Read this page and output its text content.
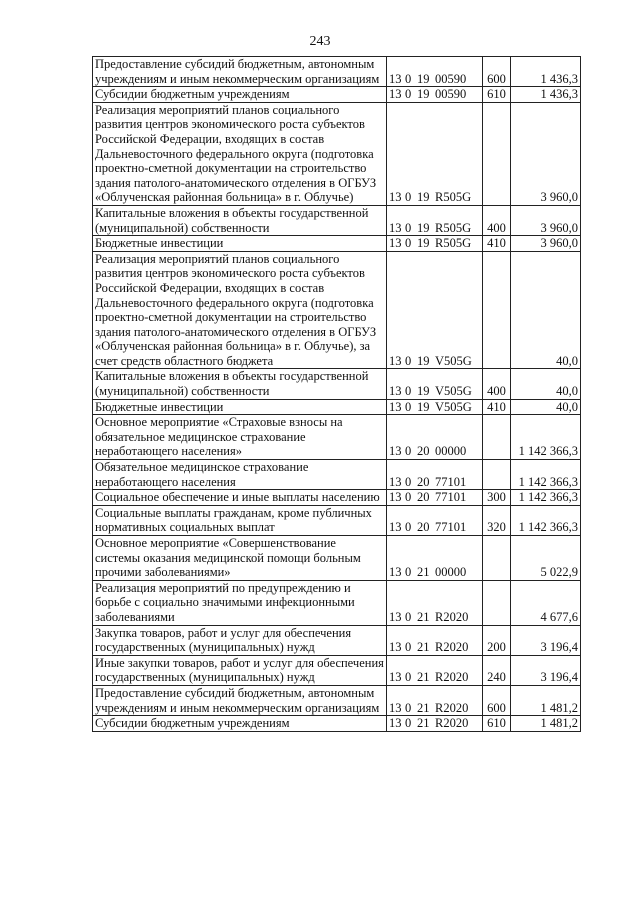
243
Предоставление субсидий бюджетным, автономным учреждениям и иным некоммерческим организациям	13 0 19 00590	600	1 436,3
Субсидии бюджетным учреждениям	13 0 19 00590	610	1 436,3
Реализация мероприятий планов социального развития центров экономического роста субъектов Российской Федерации, входящих в состав Дальневосточного федерального округа (подготовка проектно-сметной документации на строительство здания патолого-анатомического отделения в ОГБУЗ «Облученская районная больница» в г. Облучье)	13 0 19 R505G		3 960,0
Капитальные вложения в объекты государственной (муниципальной) собственности	13 0 19 R505G	400	3 960,0
Бюджетные инвестиции	13 0 19 R505G	410	3 960,0
Реализация мероприятий планов социального развития центров экономического роста субъектов Российской Федерации, входящих в состав Дальневосточного федерального округа (подготовка проектно-сметной документации на строительство здания патолого-анатомического отделения в ОГБУЗ «Облученская районная больница» в г. Облучье), за счет средств областного бюджета	13 0 19 V505G		40,0
Капитальные вложения в объекты государственной (муниципальной) собственности	13 0 19 V505G	400	40,0
Бюджетные инвестиции	13 0 19 V505G	410	40,0
Основное мероприятие «Страховые взносы на обязательное медицинское страхование неработающего населения»	13 0 20 00000		1 142 366,3
Обязательное медицинское страхование неработающего населения	13 0 20 77101		1 142 366,3
Социальное обеспечение и иные выплаты населению	13 0 20 77101	300	1 142 366,3
Социальные выплаты гражданам, кроме публичных нормативных социальных выплат	13 0 20 77101	320	1 142 366,3
Основное мероприятие «Совершенствование системы оказания медицинской помощи больным прочими заболеваниями»	13 0 21 00000		5 022,9
Реализация мероприятий по предупреждению и борьбе с социально значимыми инфекционными заболеваниями	13 0 21 R2020		4 677,6
Закупка товаров, работ и услуг для обеспечения государственных (муниципальных) нужд	13 0 21 R2020	200	3 196,4
Иные закупки товаров, работ и услуг для обеспечения государственных (муниципальных) нужд	13 0 21 R2020	240	3 196,4
Предоставление субсидий бюджетным, автономным учреждениям и иным некоммерческим организациям	13 0 21 R2020	600	1 481,2
Субсидии бюджетным учреждениям	13 0 21 R2020	610	1 481,2
